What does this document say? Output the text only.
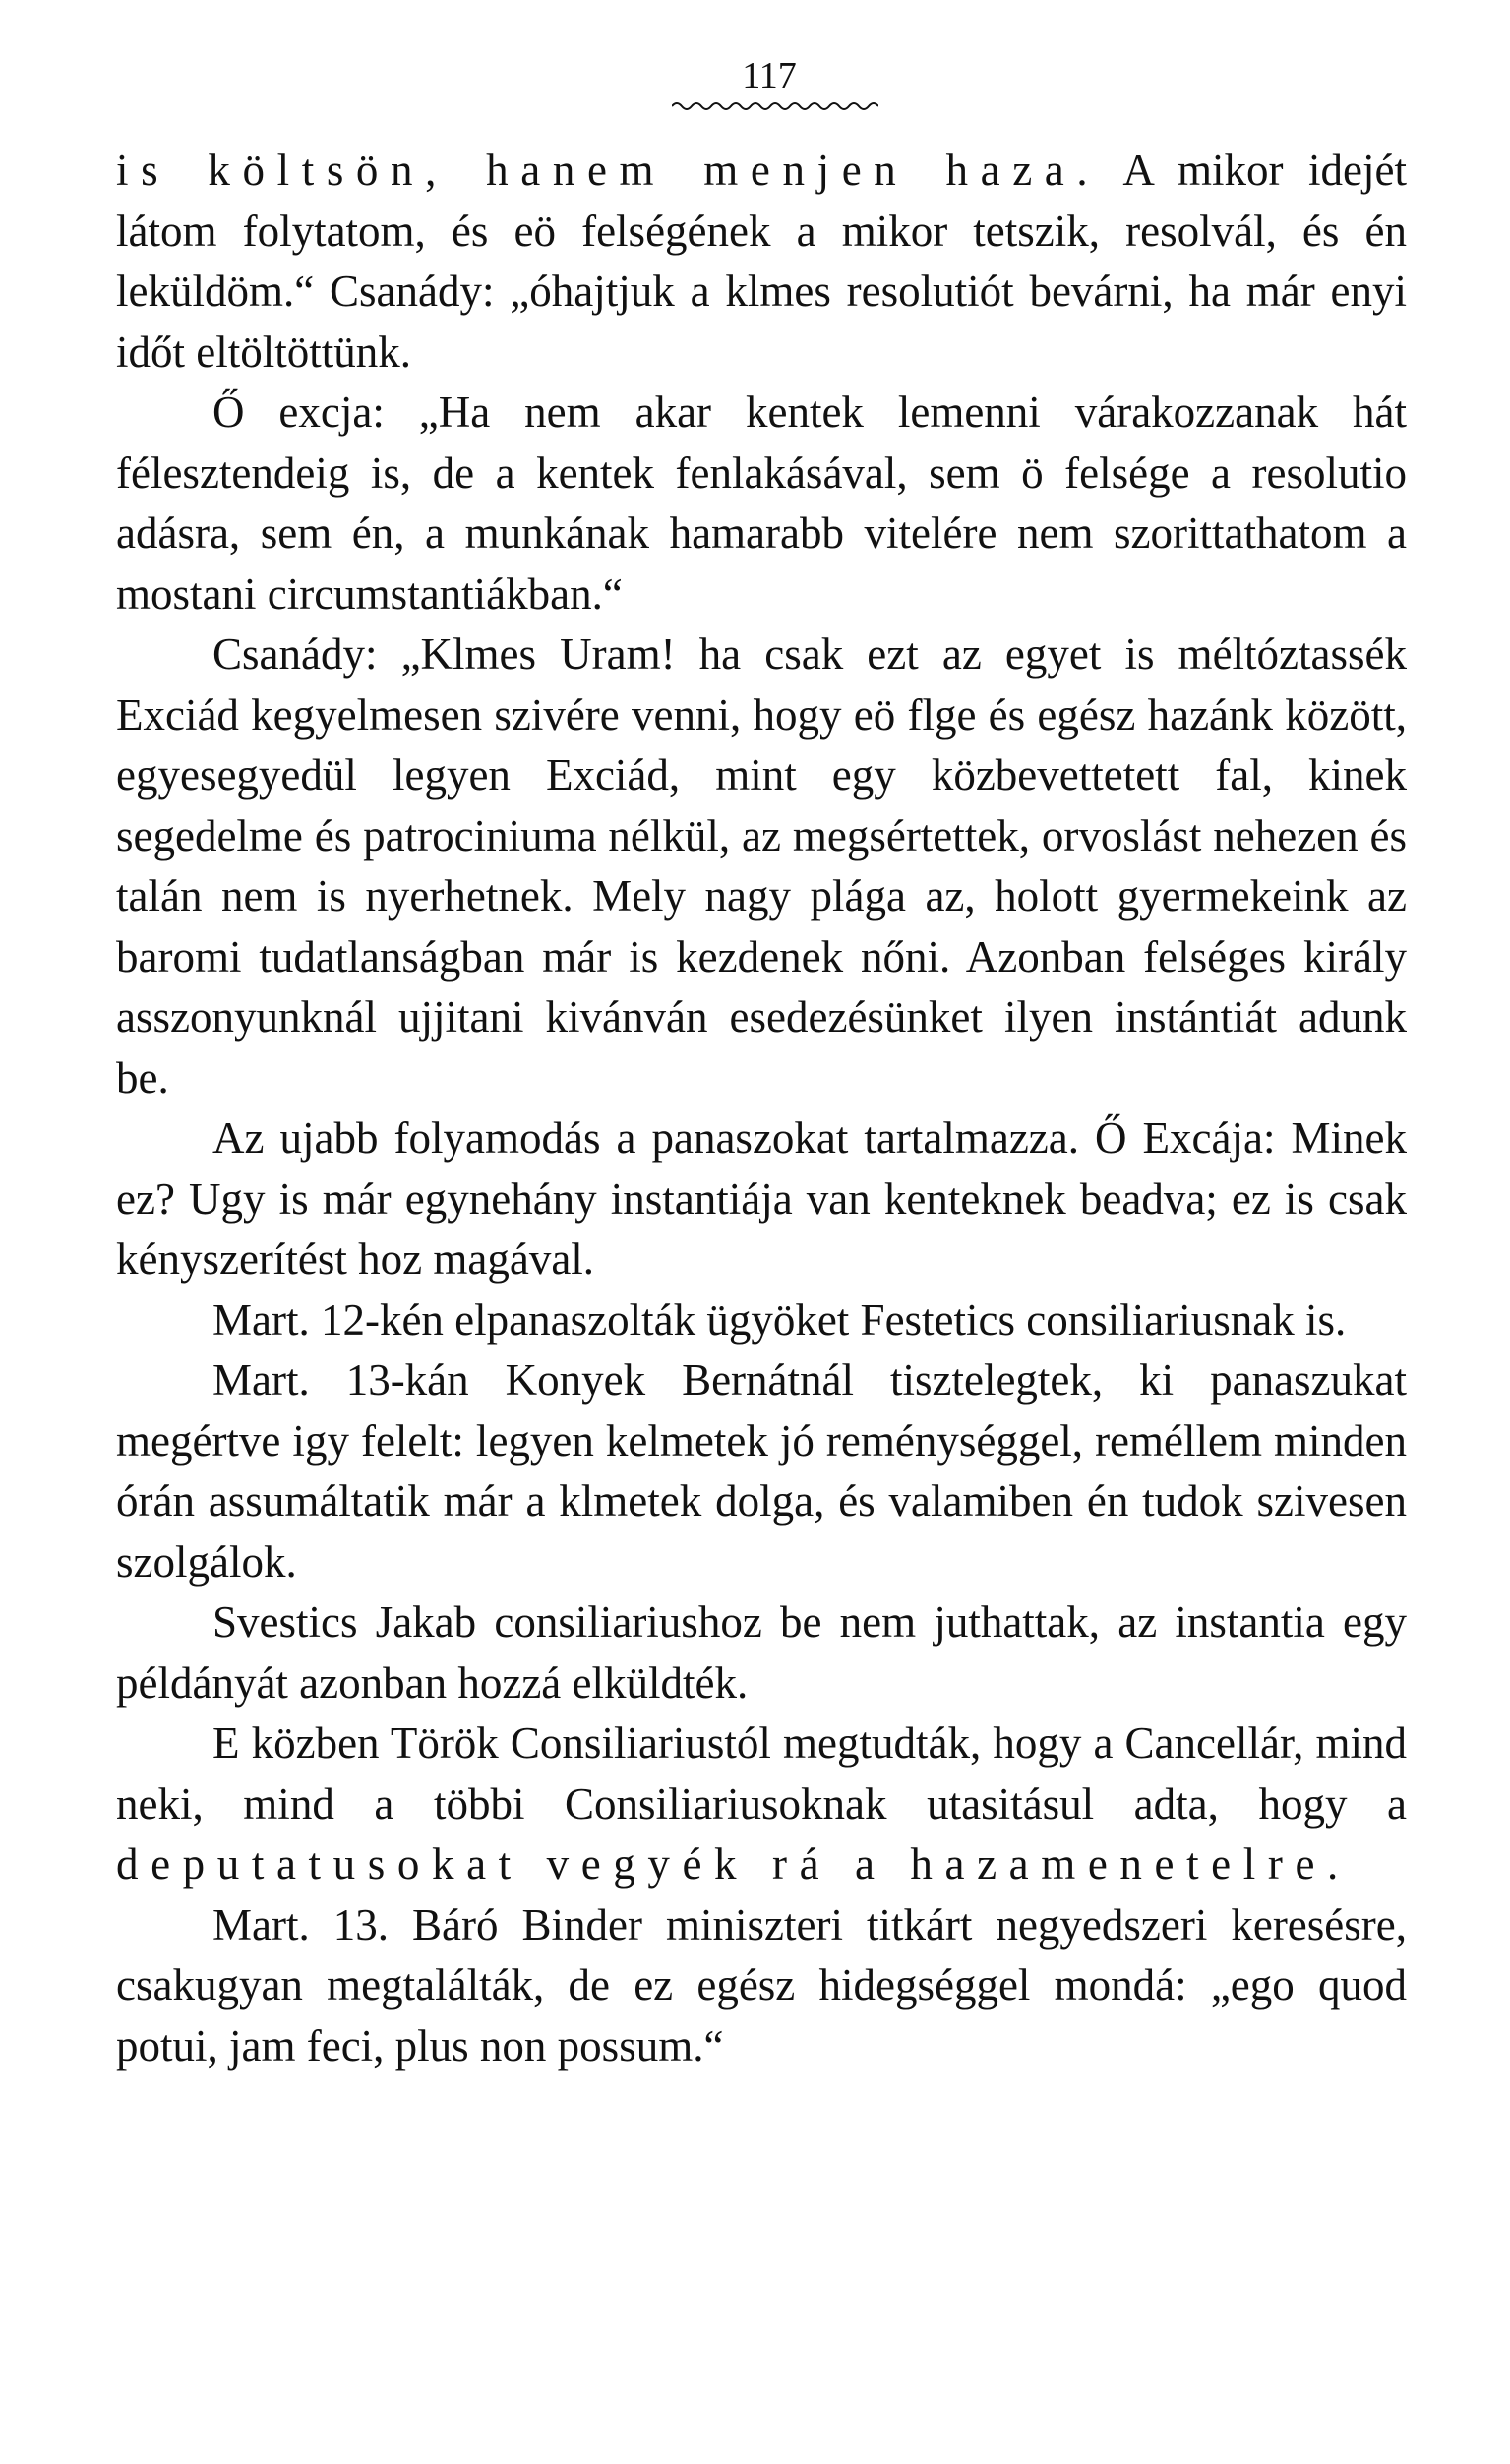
117

is költsön, hanem menjen haza. A mikor idejét látom folytatom, és eö felségének a mikor tetszik, resolvál, és én leküldöm.“ Csanády: „óhajtjuk a klmes resolutiót bevárni, ha már enyi időt eltöltöttünk.

Ő excja: „Ha nem akar kentek lemenni várakozzanak hát félesztendeig is, de a kentek fenlakásával, sem ö felsége a resolutio adásra, sem én, a munkának hamarabb vitelére nem szorittathatom a mostani circumstantiákban.“

Csanády: „Klmes Uram! ha csak ezt az egyet is méltóztassék Exciád kegyelmesen szivére venni, hogy eö flge és egész hazánk között, egyesegyedül legyen Exciád, mint egy közbevettetett fal, kinek segedelme és patrociniuma nélkül, az megsértettek, orvoslást nehezen és talán nem is nyerhetnek. Mely nagy plága az, holott gyermekeink az baromi tudatlanságban már is kezdenek nőni. Azonban felséges király asszonyunknál ujjitani kivánván esedezésünket ilyen instántiát adunk be.

Az ujabb folyamodás a panaszokat tartalmazza. Ő Excája: Minek ez? Ugy is már egynehány instantiája van kenteknek beadva; ez is csak kényszerítést hoz magával.

Mart. 12-kén elpanaszolták ügyöket Festetics consiliariusnak is.

Mart. 13-kán Konyek Bernátnál tisztelegtek, ki panaszukat megértve igy felelt: legyen kelmetek jó reménységgel, reméllem minden órán assumáltatik már a klmetek dolga, és valamiben én tudok szivesen szolgálok.

Svestics Jakab consiliariushoz be nem juthattak, az instantia egy példányát azonban hozzá elküldték.

E közben Török Consiliariustól megtudták, hogy a Cancellár, mind neki, mind a többi Consiliariusoknak utasitásul adta, hogy a deputatusokat vegyék rá a hazamenetelre.

Mart. 13. Báró Binder miniszteri titkárt negyedszeri keresésre, csakugyan megtalálták, de ez egész hidegséggel mondá: „ego quod potui, jam feci, plus non possum.“
